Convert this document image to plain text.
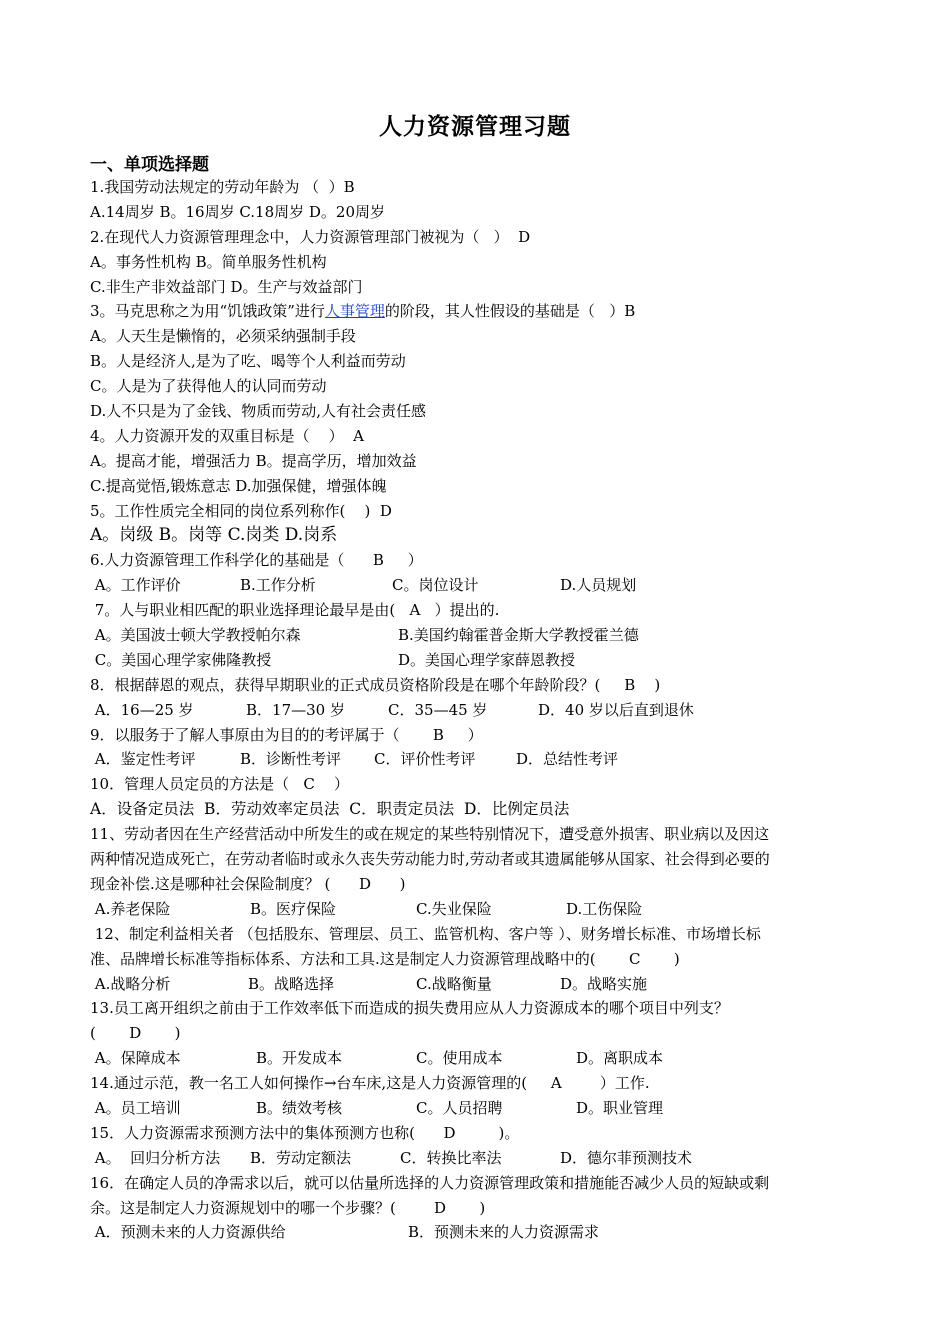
人力资源管理习题
一、单项选择题
1.我国劳动法规定的劳动年龄为 （  ）B
A.14周岁 B。16周岁 C.18周岁 D。20周岁
2.在现代人力资源管理理念中，人力资源管理部门被视为（   ）  D
A。事务性机构 B。简单服务性机构
C.非生产非效益部门 D。生产与效益部门
3。马克思称之为用“饥饿政策”进行人事管理的阶段，其人性假设的基础是（   ）B
A。人天生是懒惰的，必须采纳强制手段
B。人是经济人,是为了吃、喝等个人利益而劳动
C。人是为了获得他人的认同而劳动
D.人不只是为了金钱、物质而劳动,人有社会责任感
4。人力资源开发的双重目标是（    ）  A
A。提高才能，增强活力 B。提高学历，增加效益
C.提高觉悟,锻炼意志 D.加强保健，增强体魄
5。工作性质完全相同的岗位系列称作(    )  D
A。岗级 B。岗等 C.岗类 D.岗系
6.人力资源管理工作科学化的基础是（      B     ）
A。工作评价	B.工作分析	C。岗位设计	D.人员规划
7。人与职业相匹配的职业选择理论最早是由(   A   ）提出的.
A。美国波士顿大学教授帕尔森	B.美国约翰霍普金斯大学教授霍兰德
C。美国心理学家佛隆教授	D。美国心理学家薛恩教授
8．根据薛恩的观点，获得早期职业的正式成员资格阶段是在哪个年龄阶段？(     B    )
A．16—25 岁	B．17—30 岁	C．35—45 岁	D．40 岁以后直到退休
9．以服务于了解人事原由为目的的考评属于（       B     ）
A．鉴定性考评	B．诊断性考评	C．评价性考评	D．总结性考评
10．管理人员定员的方法是（   C    ）
A．设备定员法  B．劳动效率定员法  C．职责定员法  D．比例定员法
11、劳动者因在生产经营活动中所发生的或在规定的某些特别情况下，遭受意外损害、职业病以及因这
两种情况造成死亡，在劳动者临时或永久丧失劳动能力时,劳动者或其遗属能够从国家、社会得到必要的
现金补偿.这是哪种社会保险制度？ (      D      )
A.养老保险	B。医疗保险	C.失业保险	D.工伤保险
12、制定利益相关者 （包括股东、管理层、员工、监管机构、客户等 ）、财务增长标准、市场增长标
准、品牌增长标准等指标体系、方法和工具.这是制定人力资源管理战略中的(       C       )
A.战略分析	B。战略选择	C.战略衡量	D。战略实施
13.员工离开组织之前由于工作效率低下而造成的损失费用应从人力资源成本的哪个项目中列支？
(       D       )
A。保障成本	B。开发成本	C。使用成本	D。离职成本
14.通过示范，教一名工人如何操作→台车床,这是人力资源管理的(     A        ）工作.
A。员工培训	B。绩效考核	C。人员招聘	D。职业管理
15．人力资源需求预测方法中的集体预测方也称(      D         )。
A。  回归分析方法	B．劳动定额法	C．转换比率法	D．德尔菲预测技术
16．在确定人员的净需求以后，就可以估量所选择的人力资源管理政策和措施能否减少人员的短缺或剩
余。这是制定人力资源规划中的哪一个步骤？(        D       )
A．预测未来的人力资源供给	B．预测未来的人力资源需求
